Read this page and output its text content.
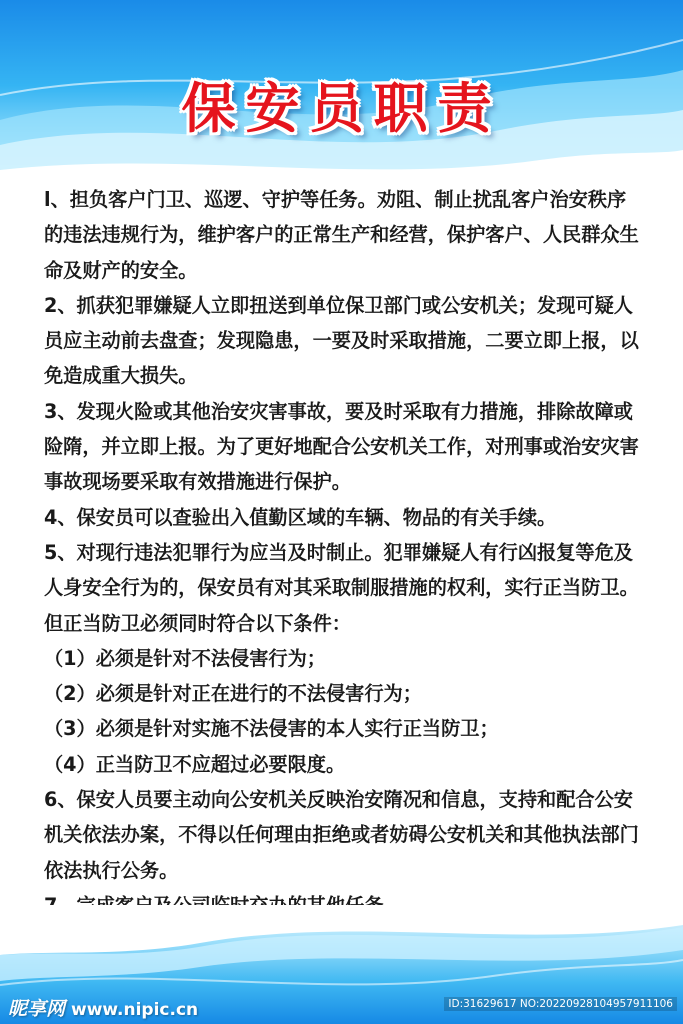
保安员职责

l、担负客户门卫、巡逻、守护等任务。劝阻、制止扰乱客户治安秩序的违法违规行为，维护客户的正常生产和经营，保护客户、人民群众生命及财产的安全。

2、抓获犯罪嫌疑人立即扭送到单位保卫部门或公安机关；发现可疑人员应主动前去盘查；发现隐患，一要及时采取措施，二要立即上报，以免造成重大损失。

3、发现火险或其他治安灾害事故，要及时采取有力措施，排除故障或险隋，并立即上报。为了更好地配合公安机关工作，对刑事或治安灾害事故现场要采取有效措施进行保护。

4、保安员可以查验出入值勤区域的车辆、物品的有关手续。

5、对现行违法犯罪行为应当及时制止。犯罪嫌疑人有行凶报复等危及人身安全行为的，保安员有对其采取制服措施的权利，实行正当防卫。但正当防卫必须同时符合以下条件：

（1）必须是针对不法侵害行为；

（2）必须是针对正在进行的不法侵害行为；

（3）必须是针对实施不法侵害的本人实行正当防卫；

（4）正当防卫不应超过必要限度。

6、保安人员要主动向公安机关反映治安隋况和信息，支持和配合公安机关依法办案，不得以任何理由拒绝或者妨碍公安机关和其他执法部门依法执行公务。

昵享网 www.nipic.cn	ID:31629617 NO:20220928104957911106
